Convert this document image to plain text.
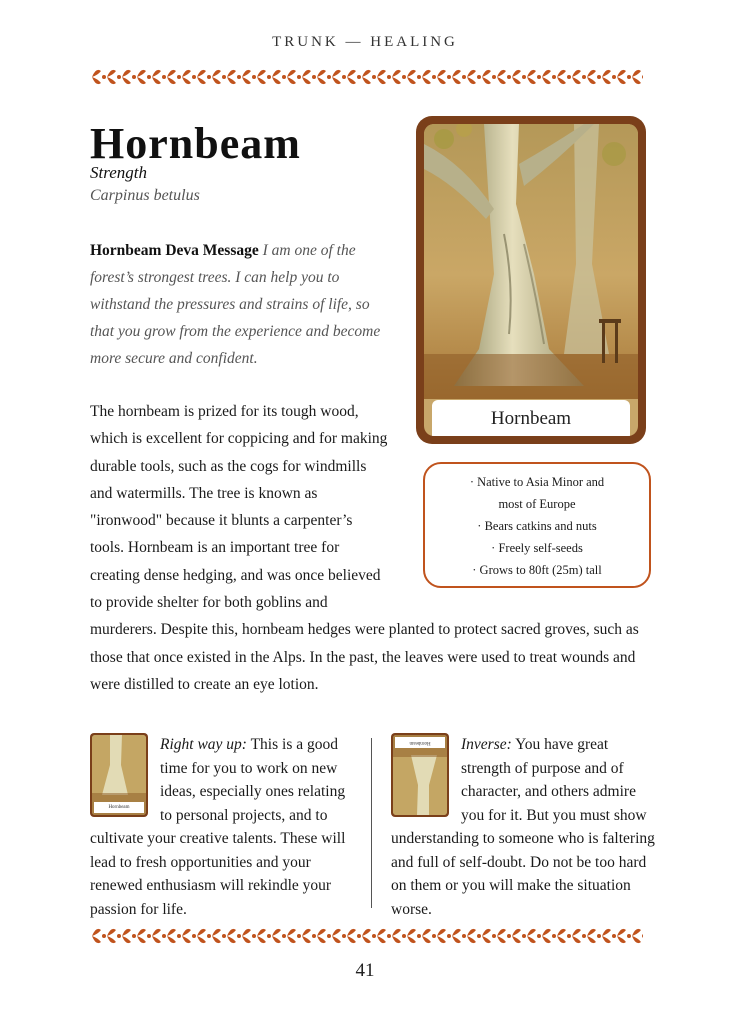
TRUNK — HEALING
Hornbeam
Strength
Carpinus betulus

Hornbeam Deva Message I am one of the forest’s strongest trees. I can help you to withstand the pressures and strains of life, so that you grow from the experience and become more secure and confident.

Hornbeam

The hornbeam is prized for its tough wood, which is excellent for coppicing and for making durable tools, such as the cogs for windmills and watermills. The tree is known as "ironwood" because it blunts a carpenter’s tools. Hornbeam is an important tree for creating dense hedging, and was once believed to provide shelter for both goblins and murderers. Despite this, hornbeam hedges were planted to protect sacred groves, such as those that once existed in the Alps. In the past, the leaves were used to treat wounds and were distilled to create an eye lotion.

· Native to Asia Minor and
most of Europe
· Bears catkins and nuts
· Freely self-seeds
· Grows to 80ft (25m) tall
Hornbeam
Hornbeam

Right way up: This is a good time for you to work on new ideas, especially ones relating to personal projects, and to cultivate your creative talents. These will lead to fresh opportunities and your renewed enthusiasm will rekindle your passion for life.

Inverse: You have great strength of purpose and of character, and others admire you for it. But you must show understanding to someone who is faltering and full of self-doubt. Do not be too hard on them or you will make the situation worse.

41
